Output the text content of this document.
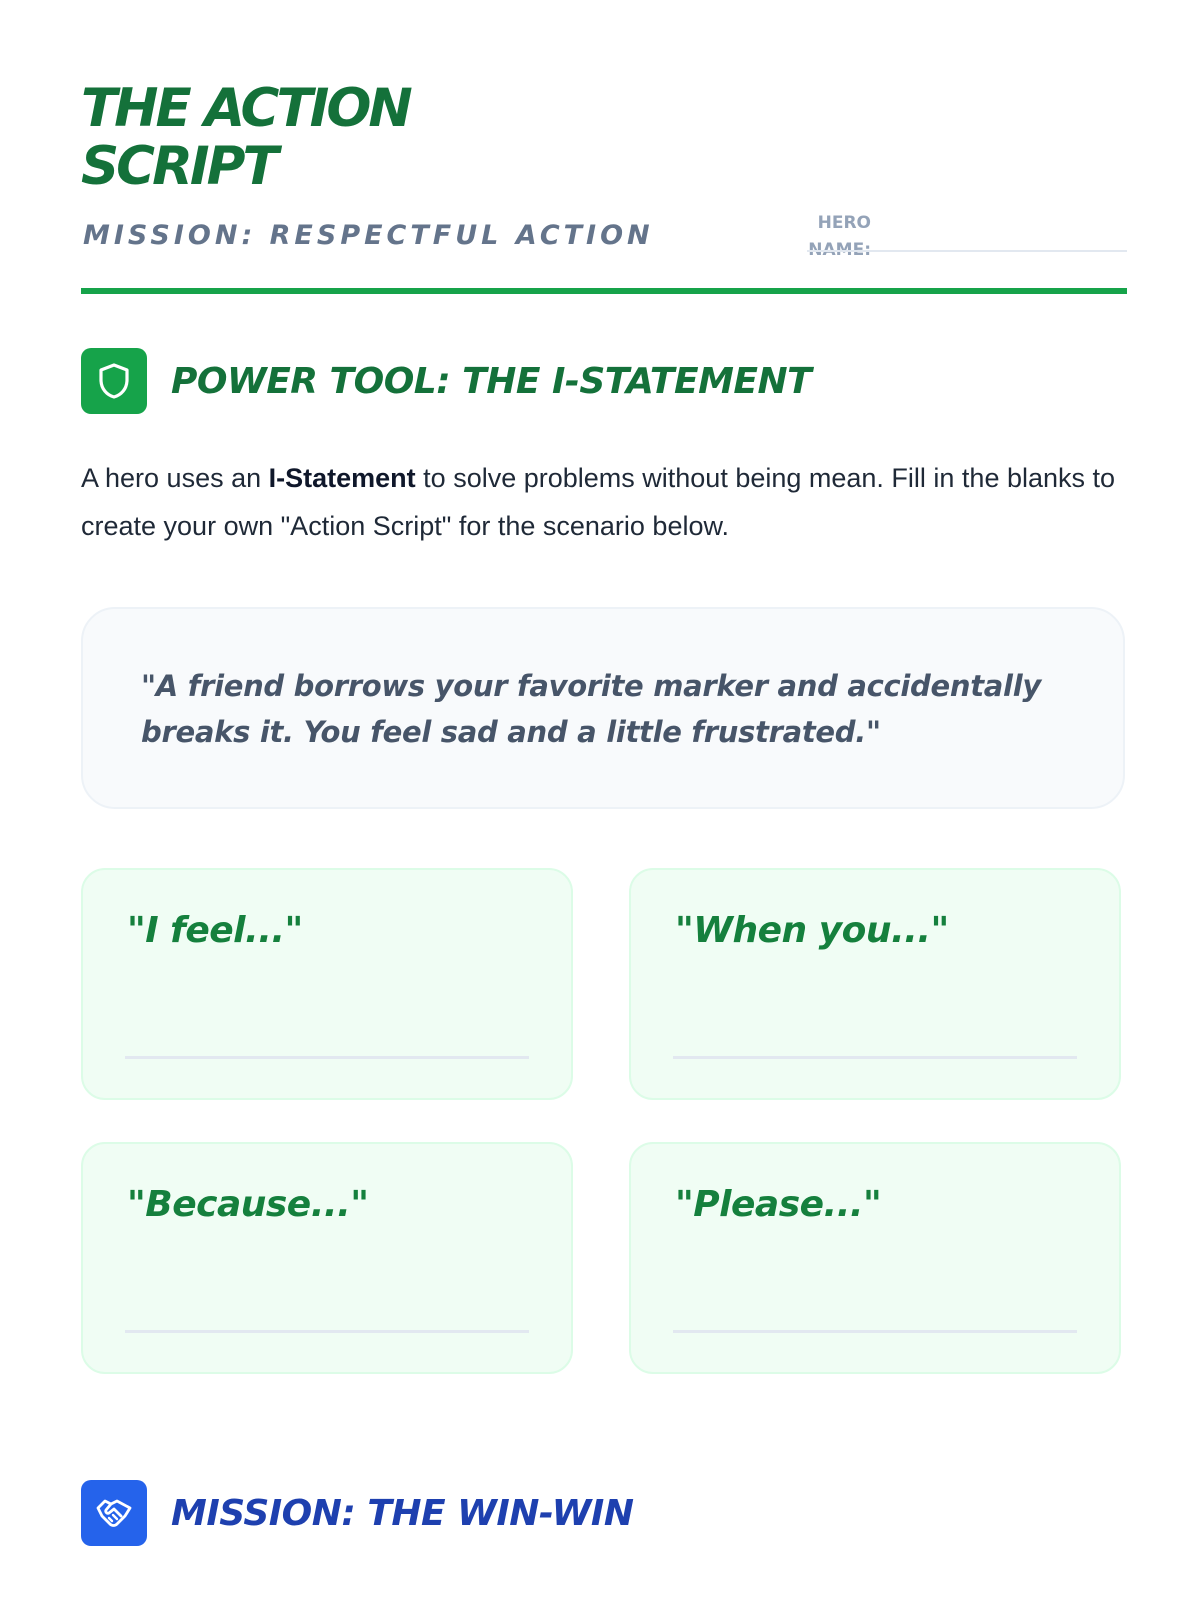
THE ACTION
SCRIPT
MISSION: RESPECTFUL ACTION	HERO
NAME:
POWER TOOL: THE I-STATEMENT

A hero uses an I-Statement to solve problems without being mean. Fill in the blanks to create your own "Action Script" for the scenario below.

"A friend borrows your favorite marker and accidentally breaks it. You feel sad and a little frustrated."

"I feel..."	"When you..."
"Because..."	"Please..."
MISSION: THE WIN-WIN
